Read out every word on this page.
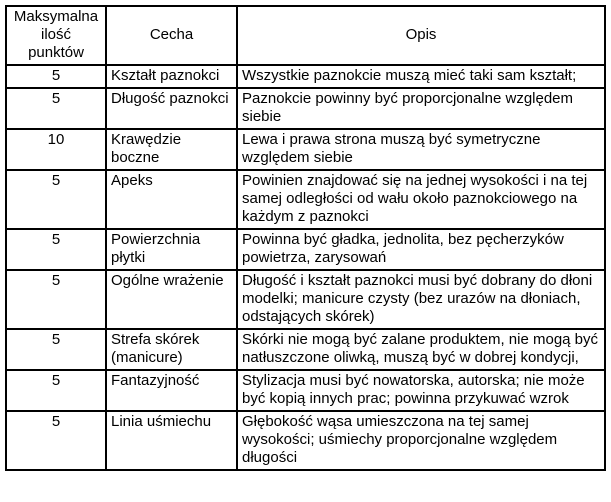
Maksymalna ilość punktów	Cecha	Opis
5	Kształt paznokci	Wszystkie paznokcie muszą mieć taki sam kształt;
5	Długość paznokci	Paznokcie powinny być proporcjonalne względem siebie
10	Krawędzie boczne	Lewa i prawa strona muszą być symetryczne względem siebie
5	Apeks	Powinien znajdować się na jednej wysokości i na tej samej odległości od wału około paznokciowego na każdym z paznokci
5	Powierzchnia płytki	Powinna być gładka, jednolita, bez pęcherzyków powietrza, zarysowań
5	Ogólne wrażenie	Długość i kształt paznokci musi być dobrany do dłoni modelki; manicure czysty (bez urazów na dłoniach, odstających skórek)
5	Strefa skórek (manicure)	Skórki nie mogą być zalane produktem, nie mogą być natłuszczone oliwką, muszą być w dobrej kondycji,
5	Fantazyjność	Stylizacja musi być nowatorska, autorska; nie może być kopią innych prac; powinna przykuwać wzrok
5	Linia uśmiechu	Głębokość wąsa umieszczona na tej samej wysokości; uśmiechy proporcjonalne względem długości
